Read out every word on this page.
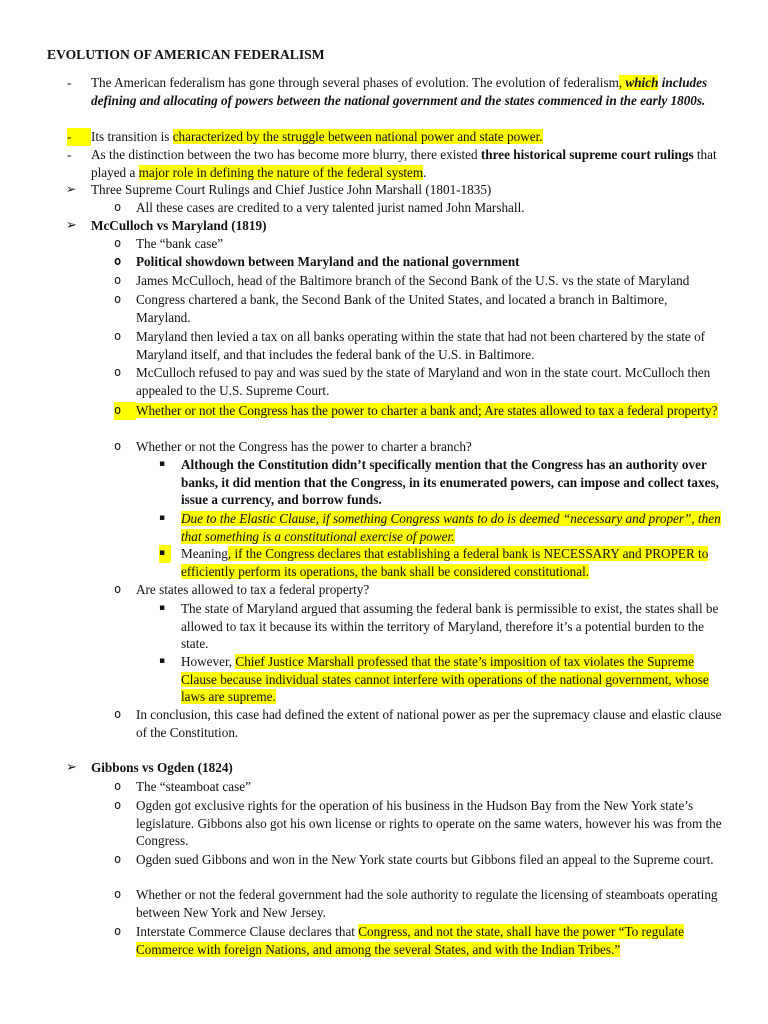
EVOLUTION OF AMERICAN FEDERALISM
-	The American federalism has gone through several phases of evolution. The evolution of federalism, which includes defining and allocating of powers between the national government and the states commenced in the early 1800s.
-	Its transition is characterized by the struggle between national power and state power.
-	As the distinction between the two has become more blurry, there existed three historical supreme court rulings that played a major role in defining the nature of the federal system.
➢ Three Supreme Court Rulings and Chief Justice John Marshall (1801-1835)
o All these cases are credited to a very talented jurist named John Marshall.
➢ McCulloch vs Maryland (1819)
o The “bank case”
o Political showdown between Maryland and the national government
o James McCulloch, head of the Baltimore branch of the Second Bank of the U.S. vs the state of Maryland
o Congress chartered a bank, the Second Bank of the United States, and located a branch in Baltimore, Maryland.
o Maryland then levied a tax on all banks operating within the state that had not been chartered by the state of Maryland itself, and that includes the federal bank of the U.S. in Baltimore.
o McCulloch refused to pay and was sued by the state of Maryland and won in the state court. McCulloch then appealed to the U.S. Supreme Court.
o	Whether or not the Congress has the power to charter a bank and; Are states allowed to tax a federal property?
o Whether or not the Congress has the power to charter a branch?
▪ Although the Constitution didn’t specifically mention that the Congress has an authority over banks, it did mention that the Congress, in its enumerated powers, can impose and collect taxes, issue a currency, and borrow funds.
▪ Due to the Elastic Clause, if something Congress wants to do is deemed “necessary and proper”, then that something is a constitutional exercise of power.
▪	Meaning, if the Congress declares that establishing a federal bank is NECESSARY and PROPER to efficiently perform its operations, the bank shall be considered constitutional.
o Are states allowed to tax a federal property?
▪ The state of Maryland argued that assuming the federal bank is permissible to exist, the states shall be allowed to tax it because its within the territory of Maryland, therefore it’s a potential burden to the state.
▪ However, Chief Justice Marshall professed that the state’s imposition of tax violates the Supreme Clause because individual states cannot interfere with operations of the national government, whose laws are supreme.
o In conclusion, this case had defined the extent of national power as per the supremacy clause and elastic clause of the Constitution.
➢ Gibbons vs Ogden (1824)
o The “steamboat case”
o Ogden got exclusive rights for the operation of his business in the Hudson Bay from the New York state’s legislature. Gibbons also got his own license or rights to operate on the same waters, however his was from the Congress.
o Ogden sued Gibbons and won in the New York state courts but Gibbons filed an appeal to the Supreme court.
o Whether or not the federal government had the sole authority to regulate the licensing of steamboats operating between New York and New Jersey.
o Interstate Commerce Clause declares that Congress, and not the state, shall have the power “To regulate Commerce with foreign Nations, and among the several States, and with the Indian Tribes.”
